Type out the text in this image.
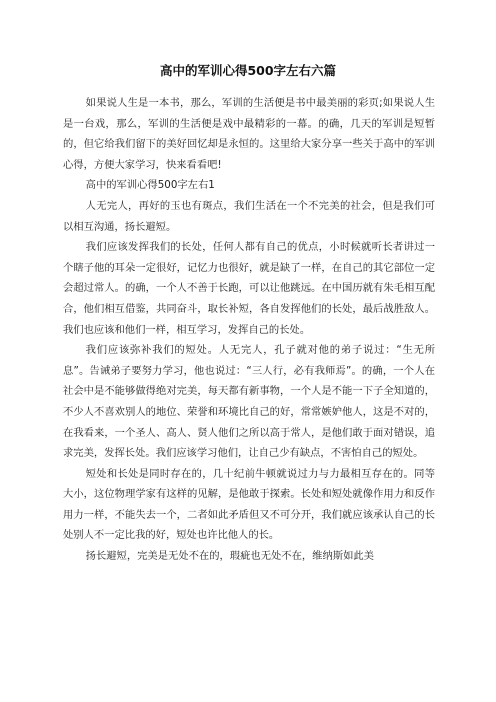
高中的军训心得500字左右六篇

如果说人生是一本书，那么，军训的生活便是书中最美丽的彩页;如果说人生是一台戏，那么，军训的生活便是戏中最精彩的一幕。的确，几天的军训是短暂的，但它给我们留下的美好回忆却是永恒的。这里给大家分享一些关于高中的军训心得，方便大家学习，快来看看吧!

高中的军训心得500字左右1

人无完人，再好的玉也有斑点，我们生活在一个不完美的社会，但是我们可以相互沟通，扬长避短。

我们应该发挥我们的长处，任何人都有自己的优点，小时候就听长者讲过一个瞎子他的耳朵一定很好，记忆力也很好，就是缺了一样，在自己的其它部位一定会超过常人。的确，一个人不善于长跑，可以让他跳远。在中国历就有朱毛相互配合，他们相互借鉴，共同奋斗，取长补短，各自发挥他们的长处，最后战胜敌人。我们也应该和他们一样，相互学习，发挥自己的长处。

我们应该弥补我们的短处。人无完人，孔子就对他的弟子说过：“生无所息”。告诫弟子要努力学习，他也说过：“三人行，必有我师焉”。的确，一个人在社会中是不能够做得绝对完美，每天都有新事物，一个人是不能一下子全知道的，不少人不喜欢别人的地位、荣誉和环境比自己的好，常常嫉妒他人，这是不对的，在我看来，一个圣人、高人、贤人他们之所以高于常人，是他们敢于面对错误，追求完美，发挥长处。我们应该学习他们，让自己少有缺点，不害怕自己的短处。

短处和长处是同时存在的，几十纪前牛顿就说过力与力最相互存在的。同等大小，这位物理学家有这样的见解，是他敢于探索。长处和短处就像作用力和反作用力一样，不能失去一个，二者如此矛盾但又不可分开，我们就应该承认自己的长处别人不一定比我的好，短处也许比他人的长。

扬长避短，完美是无处不在的，瑕疵也无处不在，维纳斯如此美
